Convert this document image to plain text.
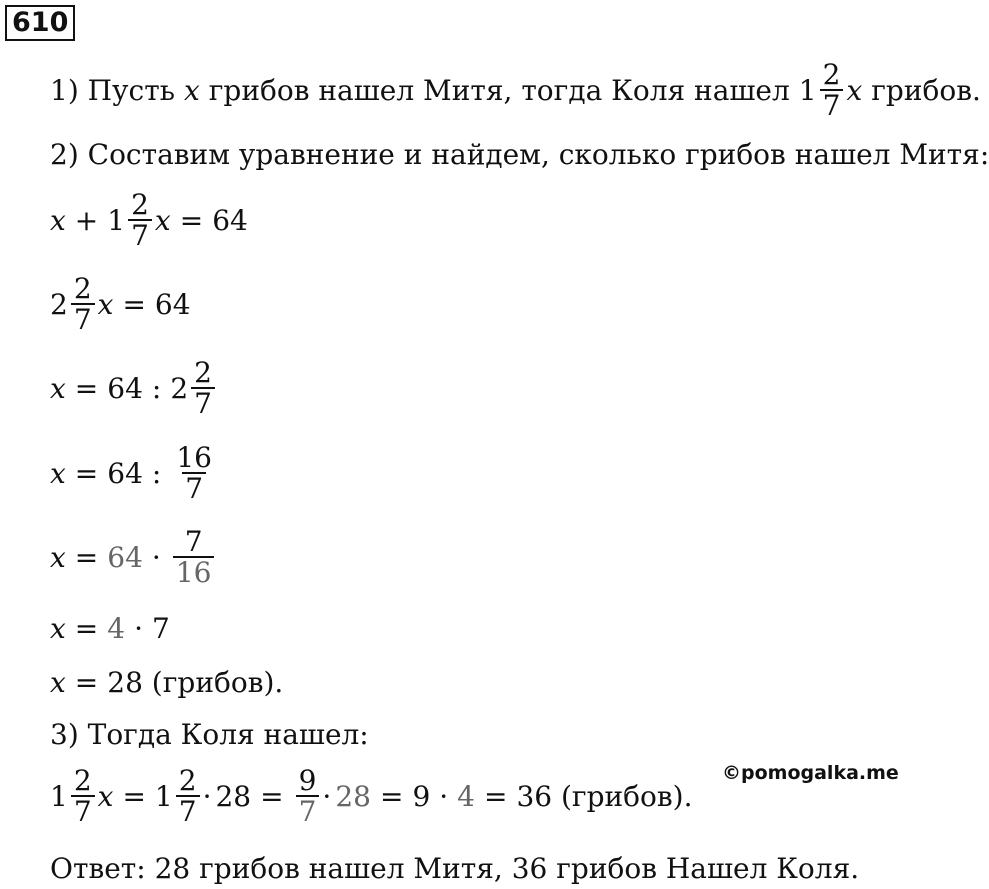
610
1) Пусть x грибов нашел Митя, тогда Коля нашел $1 \frac{2}{7}$ x грибов.
2) Составим уравнение и найдем, сколько грибов нашел Митя:
$x + 1 \frac{2}{7}$ x = 64
$2 \frac{2}{7}$ x = 64
x = 64 : $2 \frac{2}{7}$
x = 64 : $\frac{16}{7}$
$x = 64 \cdot \frac{7}{16}$
x = 4 · 7
x = 28 (грибов).
3) Тогда Коля нашел:
$1 \frac{2}{7}$ $x = 1 \frac{2}{7} \cdot 28 = \frac{9}{7} \cdot 28 = 9 \cdot 4 = 36$ (грибов).
©pomogalka.me
Ответ: 28 грибов нашел Митя, 36 грибов Нашел Коля.
